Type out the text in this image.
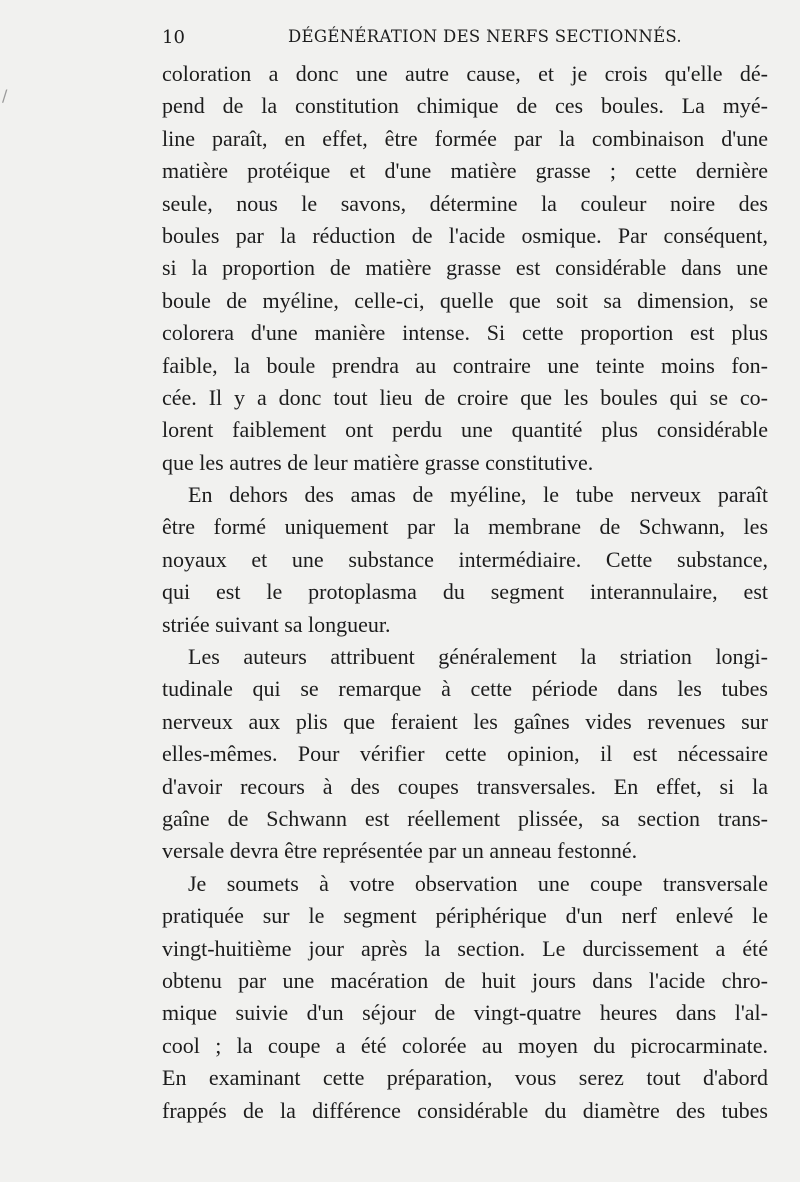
10	DÉGÉNÉRATION DES NERFS SECTIONNÉS.
coloration a donc une autre cause, et je crois qu'elle dé-
pend de la constitution chimique de ces boules. La myé-
line paraît, en effet, être formée par la combinaison d'une
matière protéique et d'une matière grasse ; cette dernière
seule, nous le savons, détermine la couleur noire des
boules par la réduction de l'acide osmique. Par conséquent,
si la proportion de matière grasse est considérable dans une
boule de myéline, celle-ci, quelle que soit sa dimension, se
colorera d'une manière intense. Si cette proportion est plus
faible, la boule prendra au contraire une teinte moins fon-
cée. Il y a donc tout lieu de croire que les boules qui se co-
lorent faiblement ont perdu une quantité plus considérable
que les autres de leur matière grasse constitutive.
En dehors des amas de myéline, le tube nerveux paraît
être formé uniquement par la membrane de Schwann, les
noyaux et une substance intermédiaire. Cette substance,
qui est le protoplasma du segment interannulaire, est
striée suivant sa longueur.
Les auteurs attribuent généralement la striation longi-
tudinale qui se remarque à cette période dans les tubes
nerveux aux plis que feraient les gaînes vides revenues sur
elles-mêmes. Pour vérifier cette opinion, il est nécessaire
d'avoir recours à des coupes transversales. En effet, si la
gaîne de Schwann est réellement plissée, sa section trans-
versale devra être représentée par un anneau festonné.
Je soumets à votre observation une coupe transversale
pratiquée sur le segment périphérique d'un nerf enlevé le
vingt-huitième jour après la section. Le durcissement a été
obtenu par une macération de huit jours dans l'acide chro-
mique suivie d'un séjour de vingt-quatre heures dans l'al-
cool ; la coupe a été colorée au moyen du picrocarminate.
En examinant cette préparation, vous serez tout d'abord
frappés de la différence considérable du diamètre des tubes
/
